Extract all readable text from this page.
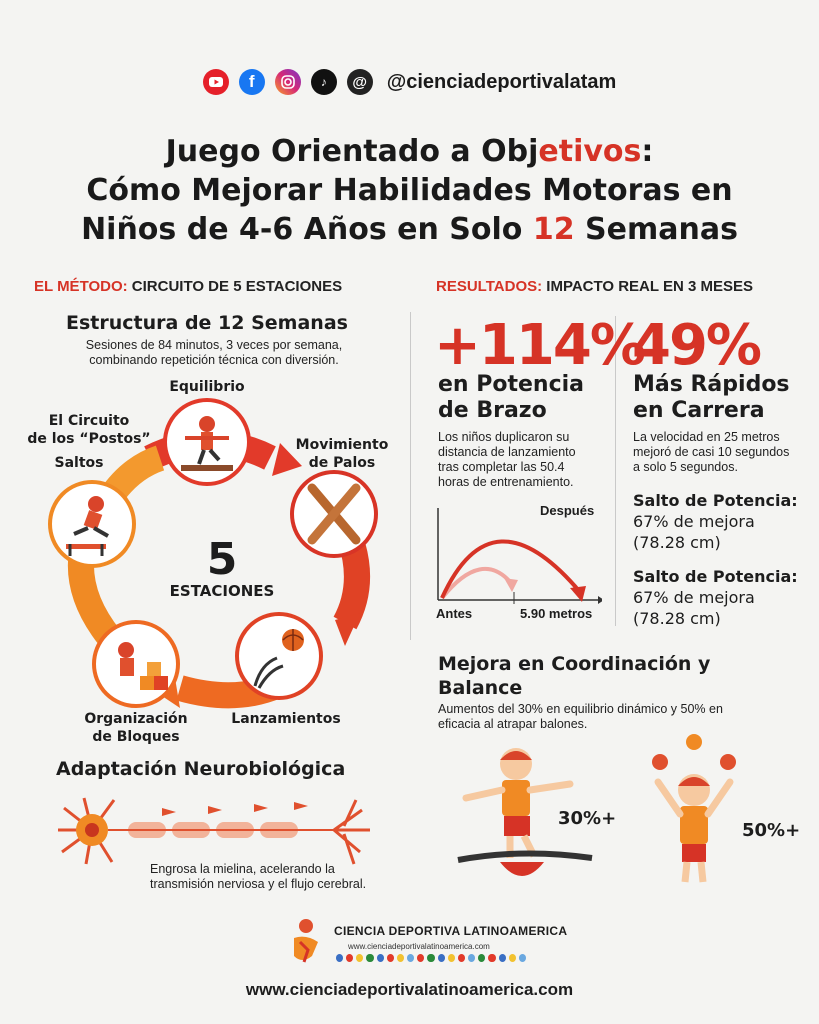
f	♪	@ @cienciadeportivalatam
Juego Orientado a Objetivos:
Cómo Mejorar Habilidades Motoras en
Niños de 4-6 Años en Solo 12 Semanas
EL MÉTODO: CIRCUITO DE 5 ESTACIONES
Estructura de 12 Semanas
Sesiones de 84 minutos, 3 veces por semana,
combinando repetición técnica con diversión.
5
ESTACIONES
Equilibrio
El Circuito
de los “Postos”	Movimiento
de Palos
Saltos
Organización
de Bloques
Lanzamientos
Adaptación Neurobiológica
Engrosa la mielina, acelerando la
transmisión nerviosa y el flujo cerebral.
RESULTADOS: IMPACTO REAL EN 3 MESES
+114%
en Potencia
de Brazo
Los niños duplicaron su
distancia de lanzamiento
tras completar las 50.4
horas de entrenamiento.
Después
Antes	5.90 metros
49%
Más Rápidos
en Carrera
La velocidad en 25 metros
mejoró de casi 10 segundos
a solo 5 segundos.
Salto de Potencia:
67% de mejora
(78.28 cm)
Salto de Potencia:
67% de mejora
(78.28 cm)
Mejora en Coordinación y
Balance
Aumentos del 30% en equilibrio dinámico y 50% en
eficacia al atrapar balones.
30%+
50%+
CIENCIA DEPORTIVA LATINOAMERICA
www.cienciadeportivalatinoamerica.com
www.cienciadeportivalatinoamerica.com
